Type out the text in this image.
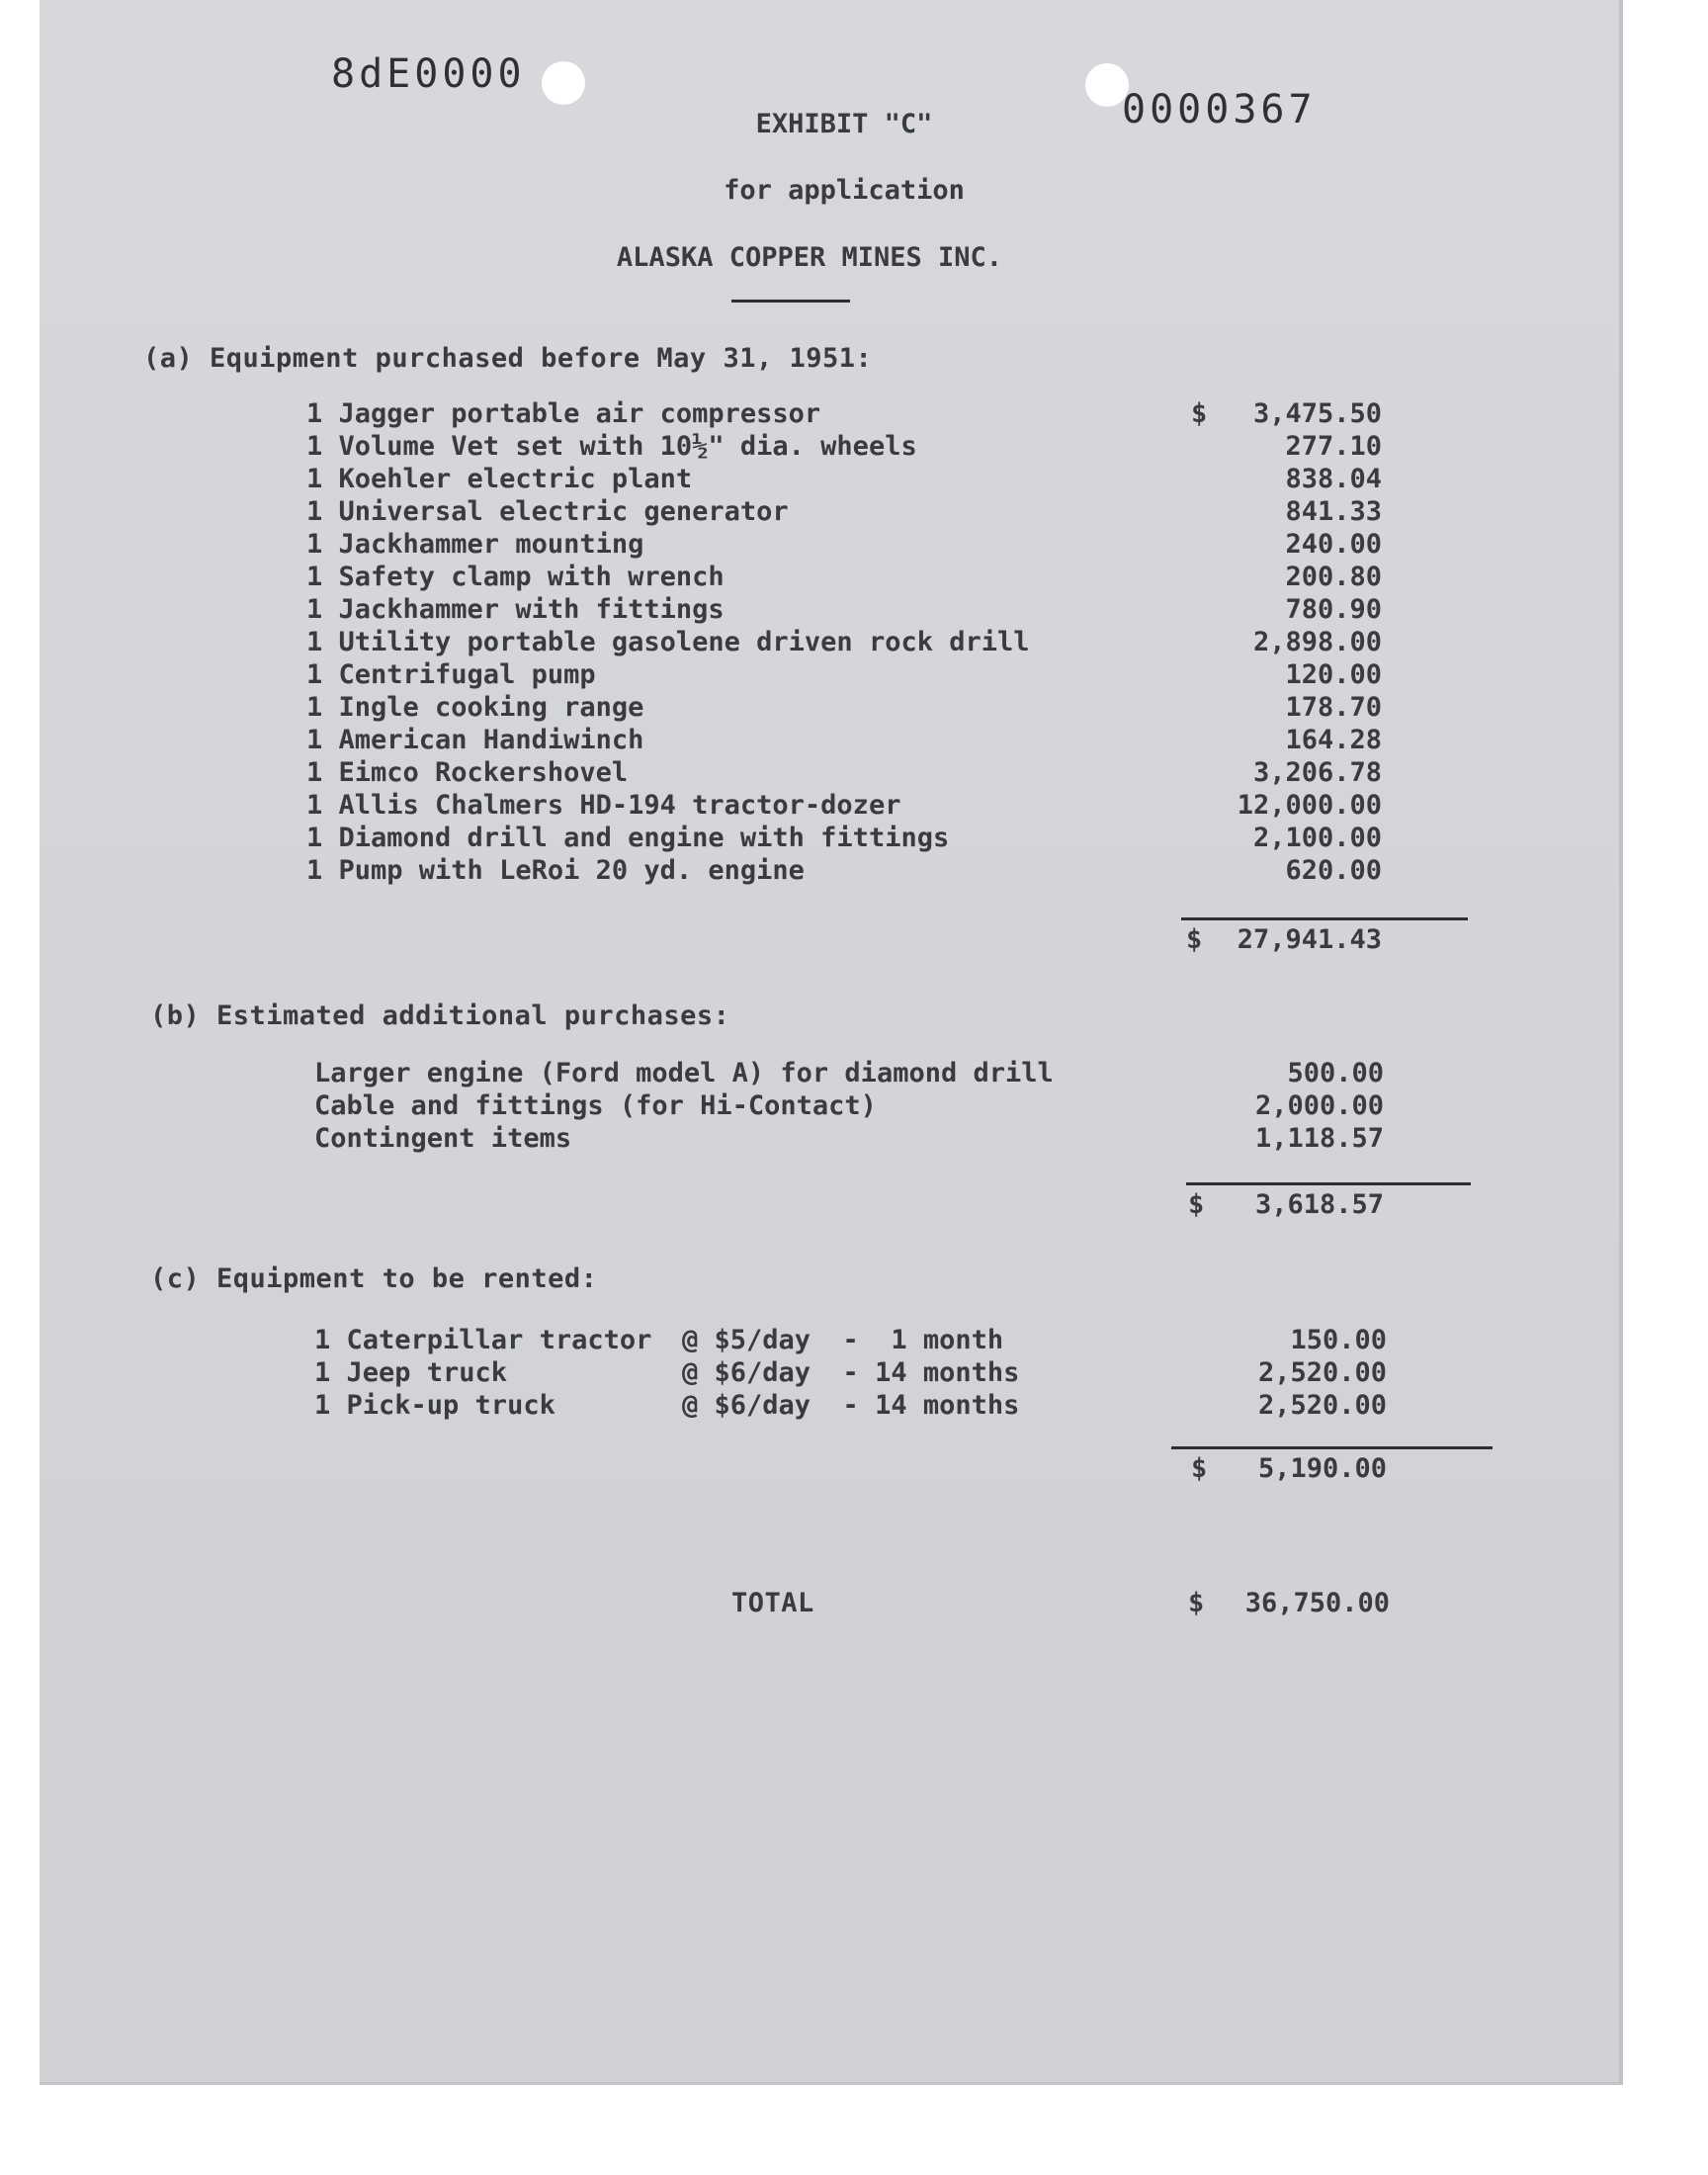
8dE0000
0000367
EXHIBIT "C"
for application
ALASKA COPPER MINES INC.
(a) Equipment purchased before May 31, 1951:
$
1 Jagger portable air compressor	3,475.50
1 Volume Vet set with 10½" dia. wheels	277.10
1 Koehler electric plant	838.04
1 Universal electric generator	841.33
1 Jackhammer mounting	240.00
1 Safety clamp with wrench	200.80
1 Jackhammer with fittings	780.90
1 Utility portable gasolene driven rock drill	2,898.00
1 Centrifugal pump	120.00
1 Ingle cooking range	178.70
1 American Handiwinch	164.28
1 Eimco Rockershovel	3,206.78
1 Allis Chalmers HD-194 tractor-dozer	12,000.00
1 Diamond drill and engine with fittings	2,100.00
1 Pump with LeRoi 20 yd. engine	620.00
$ 27,941.43
(b) Estimated additional purchases:
Larger engine (Ford model A) for diamond drill	500.00
Cable and fittings (for Hi-Contact)	2,000.00
Contingent items	1,118.57
$ 3,618.57
(c) Equipment to be rented:
1 Caterpillar tractor @ $5/day  -  1 month	150.00
1 Jeep truck	@ $6/day  - 14 months	2,520.00
1 Pick-up truck	@ $6/day  - 14 months	2,520.00
$ 5,190.00
TOTAL	$ 36,750.00
